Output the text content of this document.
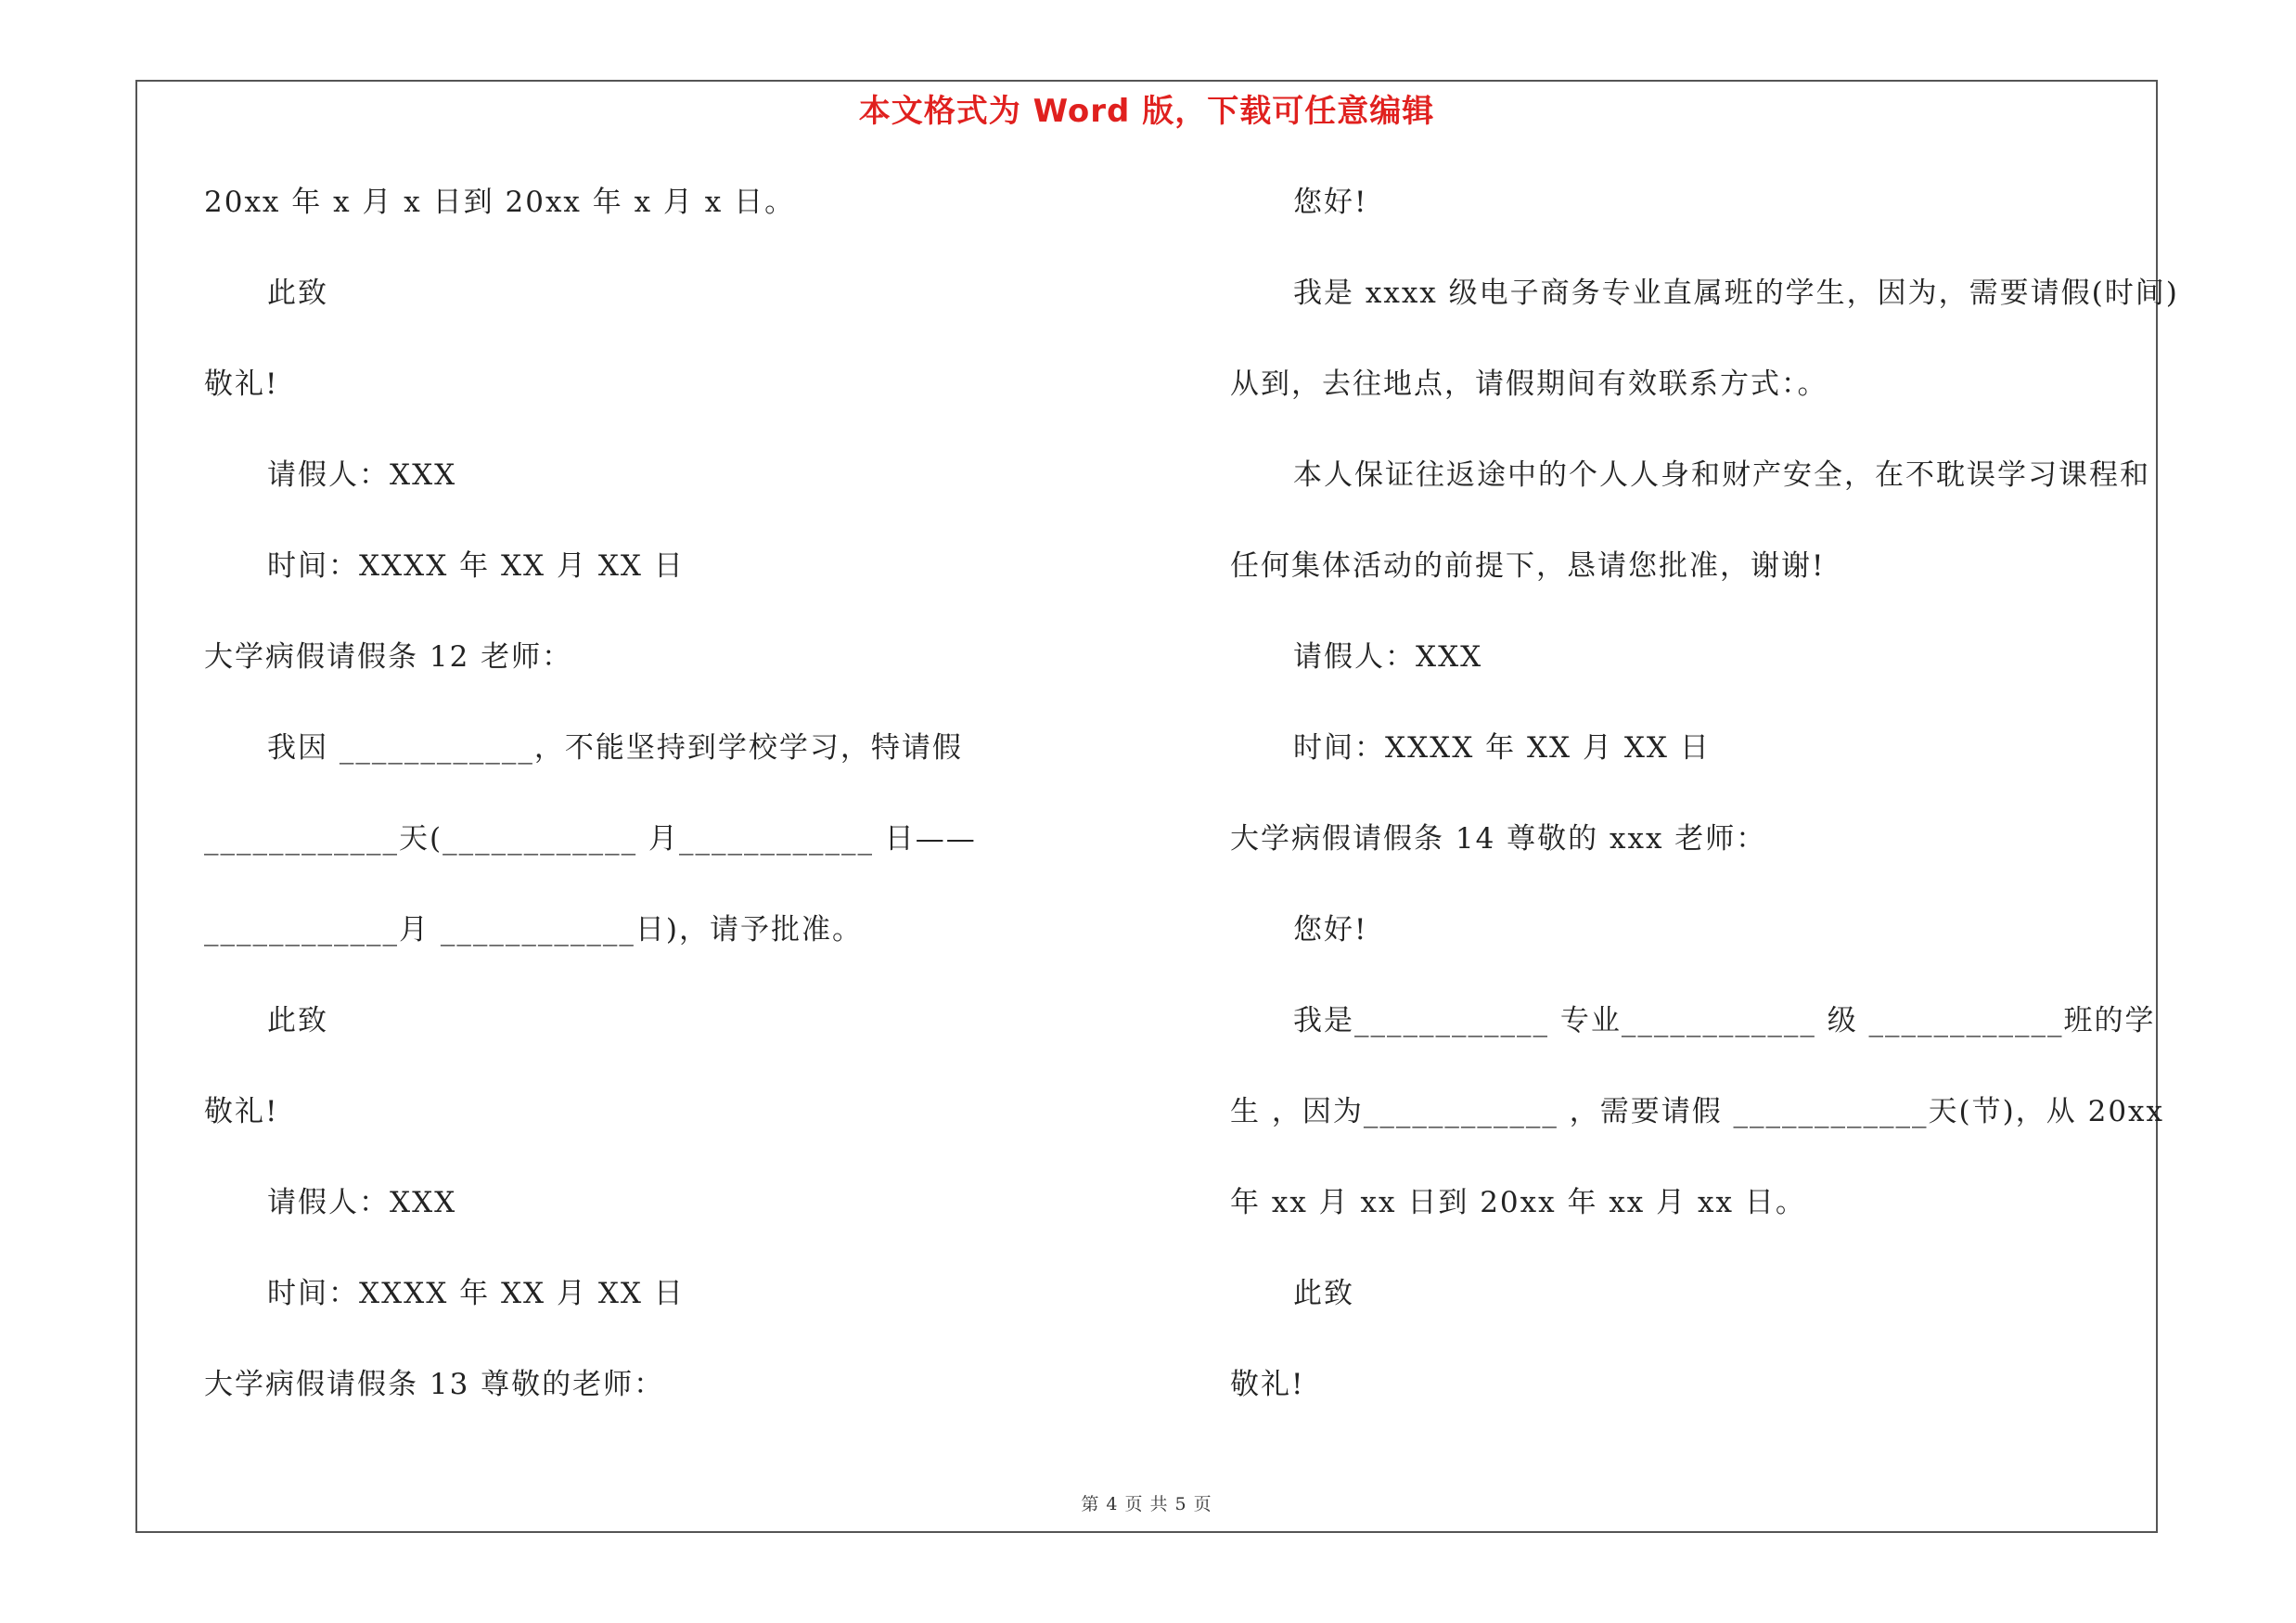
本文格式为 Word 版，下载可任意编辑
20xx 年 x 月 x 日到 20xx 年 x 月 x 日。
此致
敬礼!
请假人：XXX
时间：XXXX 年 XX 月 XX 日
大学病假请假条 12 老师：
我因 ____________，不能坚持到学校学习，特请假
____________天(____________ 月____________ 日——
____________月 ____________日)，请予批准。
此致
敬礼!
请假人：XXX
时间：XXXX 年 XX 月 XX 日
大学病假请假条 13 尊敬的老师：
您好!
我是 xxxx 级电子商务专业直属班的学生，因为，需要请假(时间)
从到，去往地点，请假期间有效联系方式：。
本人保证往返途中的个人人身和财产安全，在不耽误学习课程和
任何集体活动的前提下，恳请您批准，谢谢!
请假人：XXX
时间：XXXX 年 XX 月 XX 日
大学病假请假条 14 尊敬的 xxx 老师：
您好!
我是____________ 专业____________ 级 ____________班的学
生 ，因为____________ ，需要请假 ____________天(节)，从 20xx
年 xx 月 xx 日到 20xx 年 xx 月 xx 日。
此致
敬礼!
第 4 页 共 5 页
